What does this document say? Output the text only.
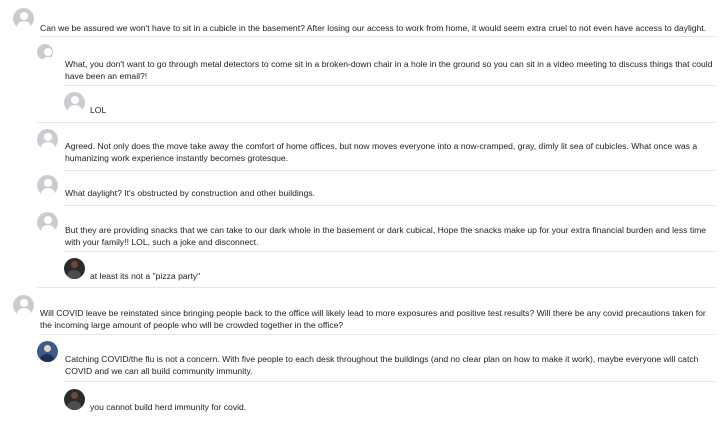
Can we be assured we won't have to sit in a cubicle in the basement? After losing our access to work from home, it would seem extra cruel to not even have access to daylight.
What, you don't want to go through metal detectors to come sit in a broken-down chair in a hole in the ground so you can sit in a video meeting to discuss things that could have been an email?!
LOL
Agreed. Not only does the move take away the comfort of home offices, but now moves everyone into a now-cramped, gray, dimly lit sea of cubicles. What once was a humanizing work experience instantly becomes grotesque.
What daylight? It's obstructed by construction and other buildings.
But they are providing snacks that we can take to our dark whole in the basement or dark cubical, Hope the snacks make up for your extra financial burden and less time with your family!! LOL, such a joke and disconnect.
at least its not a "pizza party"
Will COVID leave be reinstated since bringing people back to the office will likely lead to more exposures and positive test results? Will there be any covid precautions taken for the incoming large amount of people who will be crowded together in the office?
Catching COVID/the flu is not a concern. With five people to each desk throughout the buildings (and no clear plan on how to make it work), maybe everyone will catch COVID and we can all build community immunity.
you cannot build herd immunity for covid.
